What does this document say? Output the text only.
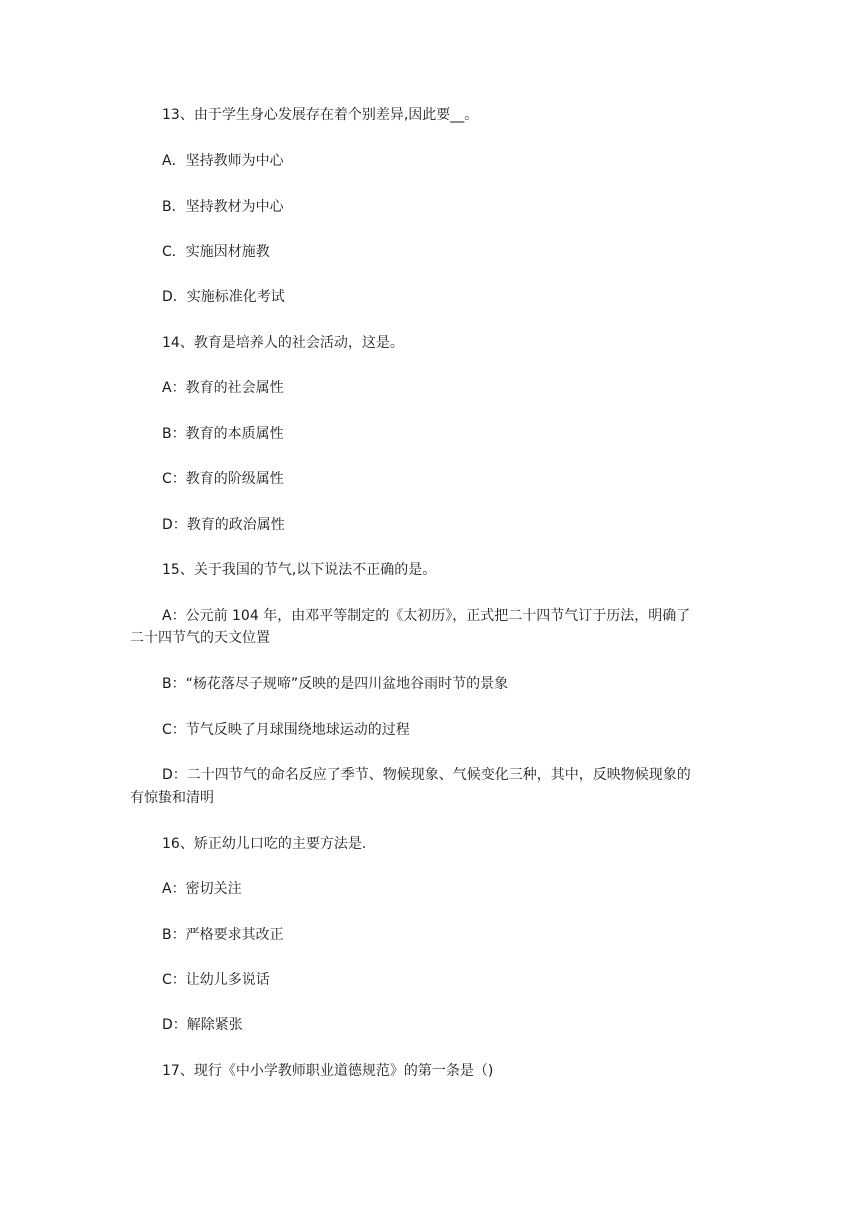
13、由于学生身心发展存在着个别差异,因此要__。
A．坚持教师为中心
B．坚持教材为中心
C．实施因材施教
D．实施标准化考试
14、教育是培养人的社会活动，这是。
A：教育的社会属性
B：教育的本质属性
C：教育的阶级属性
D：教育的政治属性
15、关于我国的节气,以下说法不正确的是。
A：公元前 104 年，由邓平等制定的《太初历》，正式把二十四节气订于历法，明确了
二十四节气的天文位置
B：“杨花落尽子规啼”反映的是四川盆地谷雨时节的景象
C：节气反映了月球围绕地球运动的过程
D：二十四节气的命名反应了季节、物候现象、气候变化三种，其中，反映物候现象的
有惊蛰和清明
16、矫正幼儿口吃的主要方法是.
A：密切关注
B：严格要求其改正
C：让幼儿多说话
D：解除紧张
17、现行《中小学教师职业道德规范》的第一条是（)
